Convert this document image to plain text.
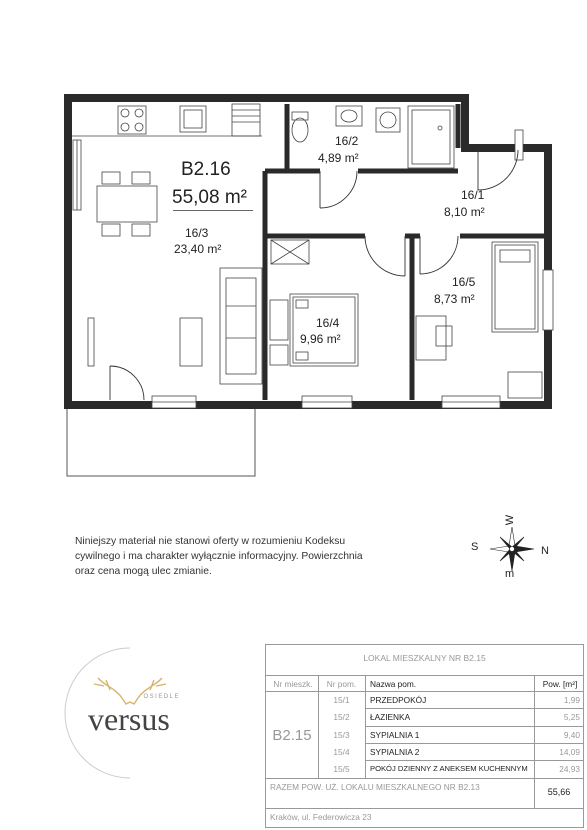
B2.16
55,08 m²
16/3
23,40 m²
16/2
4,89 m²
16/1
8,10 m²
16/4
9,96 m²
16/5
8,73 m²
Niniejszy materiał nie stanowi oferty w rozumieniu Kodeksu
cywilnego i ma charakter wyłącznie informacyjny. Powierzchnia
oraz cena mogą ulec zmianie.
W
S	N
m
OSIEDLE
versus
LOKAL MIESZKALNY NR B2.15
Nr mieszk.	Nr pom.	Nazwa pom.	Pow. [m²]
B2.15
15/1	PRZEDPOKÓJ	1,99
15/2	ŁAZIENKA	5,25
15/3	SYPIALNIA 1	9,40
15/4	SYPIALNIA 2	14,09
15/5	POKÓJ DZIENNY Z ANEKSEM KUCHENNYM	24,93
RAZEM POW. UŻ. LOKALU MIESZKALNEGO NR B2.13	55,66
Kraków, ul. Federowicza 23
